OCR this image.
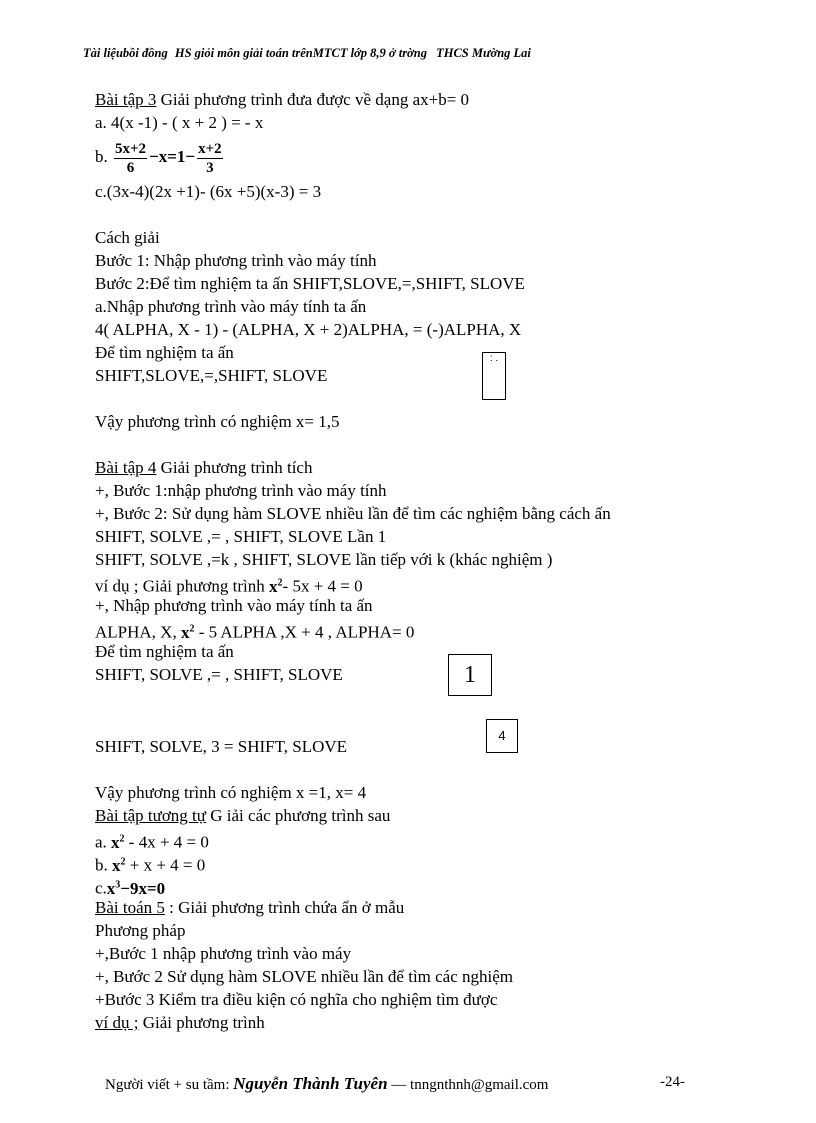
Tài liệubồi đồng HS giỏi môn giải toán trênMTCT lớp 8,9 ở trờng THCS Mường Lai
Bài tập 3 Giải phương trình đưa được về dạng ax+b= 0
a. 4(x -1) - ( x + 2 ) = - x
b. $\frac{5x+2}{6} -x=1- \frac{x+2}{3}$
c.(3x-4)(2x +1)- (6x +5)(x-3) = 3
Cách giải
Bước 1: Nhập phương trình vào máy tính
Bước 2:Để tìm nghiệm ta ấn SHIFT,SLOVE,=,SHIFT, SLOVE
a.Nhập phương trình vào máy tính ta ấn
4( ALPHA, X - 1) - (ALPHA, X + 2)ALPHA, = (-)ALPHA, X
Để tìm nghiệm ta ấn
SHIFT,SLOVE,=,SHIFT, SLOVE
Vậy phương trình có nghiệm x= 1,5
Bài tập 4 Giải phương trình tích
+, Bước 1:nhập phương trình vào máy tính
+, Bước 2: Sử dụng hàm SLOVE nhiều lần để tìm các nghiệm bằng cách ấn
SHIFT, SOLVE ,= , SHIFT, SLOVE Lần 1
SHIFT, SOLVE ,=k , SHIFT, SLOVE lần tiếp với k (khác nghiệm )
ví dụ ; Giải phương trình $x^2-$ 5x + 4 = 0
+, Nhập phương trình vào máy tính ta ấn
ALPHA, X, $x^2 - 5$ ALPHA ,X + 4 , ALPHA= 0
Để tìm nghiệm ta ấn
SHIFT, SOLVE ,= , SHIFT, SLOVE
SHIFT, SOLVE, 3 = SHIFT, SLOVE
Vậy phương trình có nghiệm x =1, x= 4
Bài tập tương tự G iải các phương trình sau
a. $x^2 - 4x + 4 = 0$
b. $x^2 + x + 4 = 0$
$c.x^3-9x=0$
Bài toán 5 : Giải phương trình chứa ẩn ở mẫu
Phương pháp
+,Bước 1 nhập phương trình vào máy
+, Bước 2 Sử dụng hàm SLOVE nhiều lần để tìm các nghiệm
+Bước 3 Kiểm tra điều kiện có nghĩa cho nghiệm tìm được
ví dụ ; Giải phương trình
: .
1
4
Người viết + su tầm: Nguyễn Thành Tuyên — tnngnthnh@gmail.com	-24-
